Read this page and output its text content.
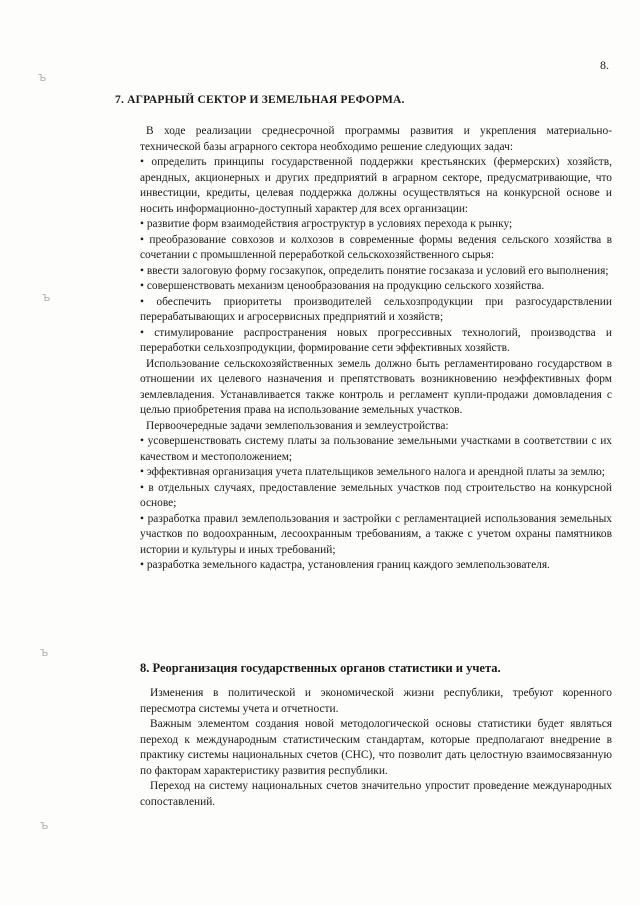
8.
7. АГРАРНЫЙ СЕКТОР И ЗЕМЕЛЬНАЯ РЕФОРМА.

В ходе реализации среднесрочной программы развития и укрепления материально-технической базы аграрного сектора необходимо решение следующих задач:

• определить принципы государственной поддержки крестьянских (фермерских) хозяйств, арендных, акционерных и других предприятий в аграрном секторе, предусматривающие, что инвестиции, кредиты, целевая поддержка должны осуществляться на конкурсной основе и носить информационно-доступный характер для всех организации:

• развитие форм взаимодействия агроструктур в условиях перехода к рынку;

• преобразование совхозов и колхозов в современные формы ведения сельского хозяйства в сочетании с промышленной переработкой сельскохозяйственного сырья:

• ввести залоговую форму госзакупок, определить понятие госзаказа и условий его выполнения;

• совершенствовать механизм ценообразования на продукцию сельского хозяйства.

• обеспечить приоритеты производителей сельхозпродукции при разгосударствлении перерабатывающих и агросервисных предприятий и хозяйств;

• стимулирование распространения новых прогрессивных технологий, производства и переработки сельхозпродукции, формирование сети эффективных хозяйств.

Использование сельскохозяйственных земель должно быть регламентировано государством в отношении их целевого назначения и препятствовать возникновению неэффективных форм землевладения. Устанавливается также контроль и регламент купли-продажи домовладения с целью приобретения права на использование земельных участков.

Первоочередные задачи землепользования и землеустройства:

• усовершенствовать систему платы за пользование земельными участками в соответствии с их качеством и местоположением;

• эффективная организация учета плательщиков земельного налога и арендной платы за землю;

• в отдельных случаях, предоставление земельных участков под строительство на конкурсной основе;

• разработка правил землепользования и застройки с регламентацией использования земельных участков по водоохранным, лесоохранным требованиям, а также с учетом охраны памятников истории и культуры и иных требований;

• разработка земельного кадастра, установления границ каждого землепользователя.

8. Реорганизация государственных органов статистики и учета.

Изменения в политической и экономической жизни республики, требуют коренного пересмотра системы учета и отчетности.

Важным элементом создания новой методологической основы статистики будет являться переход к международным статистическим стандартам, которые предполагают внедрение в практику системы национальных счетов (СНС), что позволит дать целостную взаимосвязанную по факторам характеристику развития республики.

Переход на систему национальных счетов значительно упростит проведение международных сопоставлений.

ъ
ъ
ъ
ъ
